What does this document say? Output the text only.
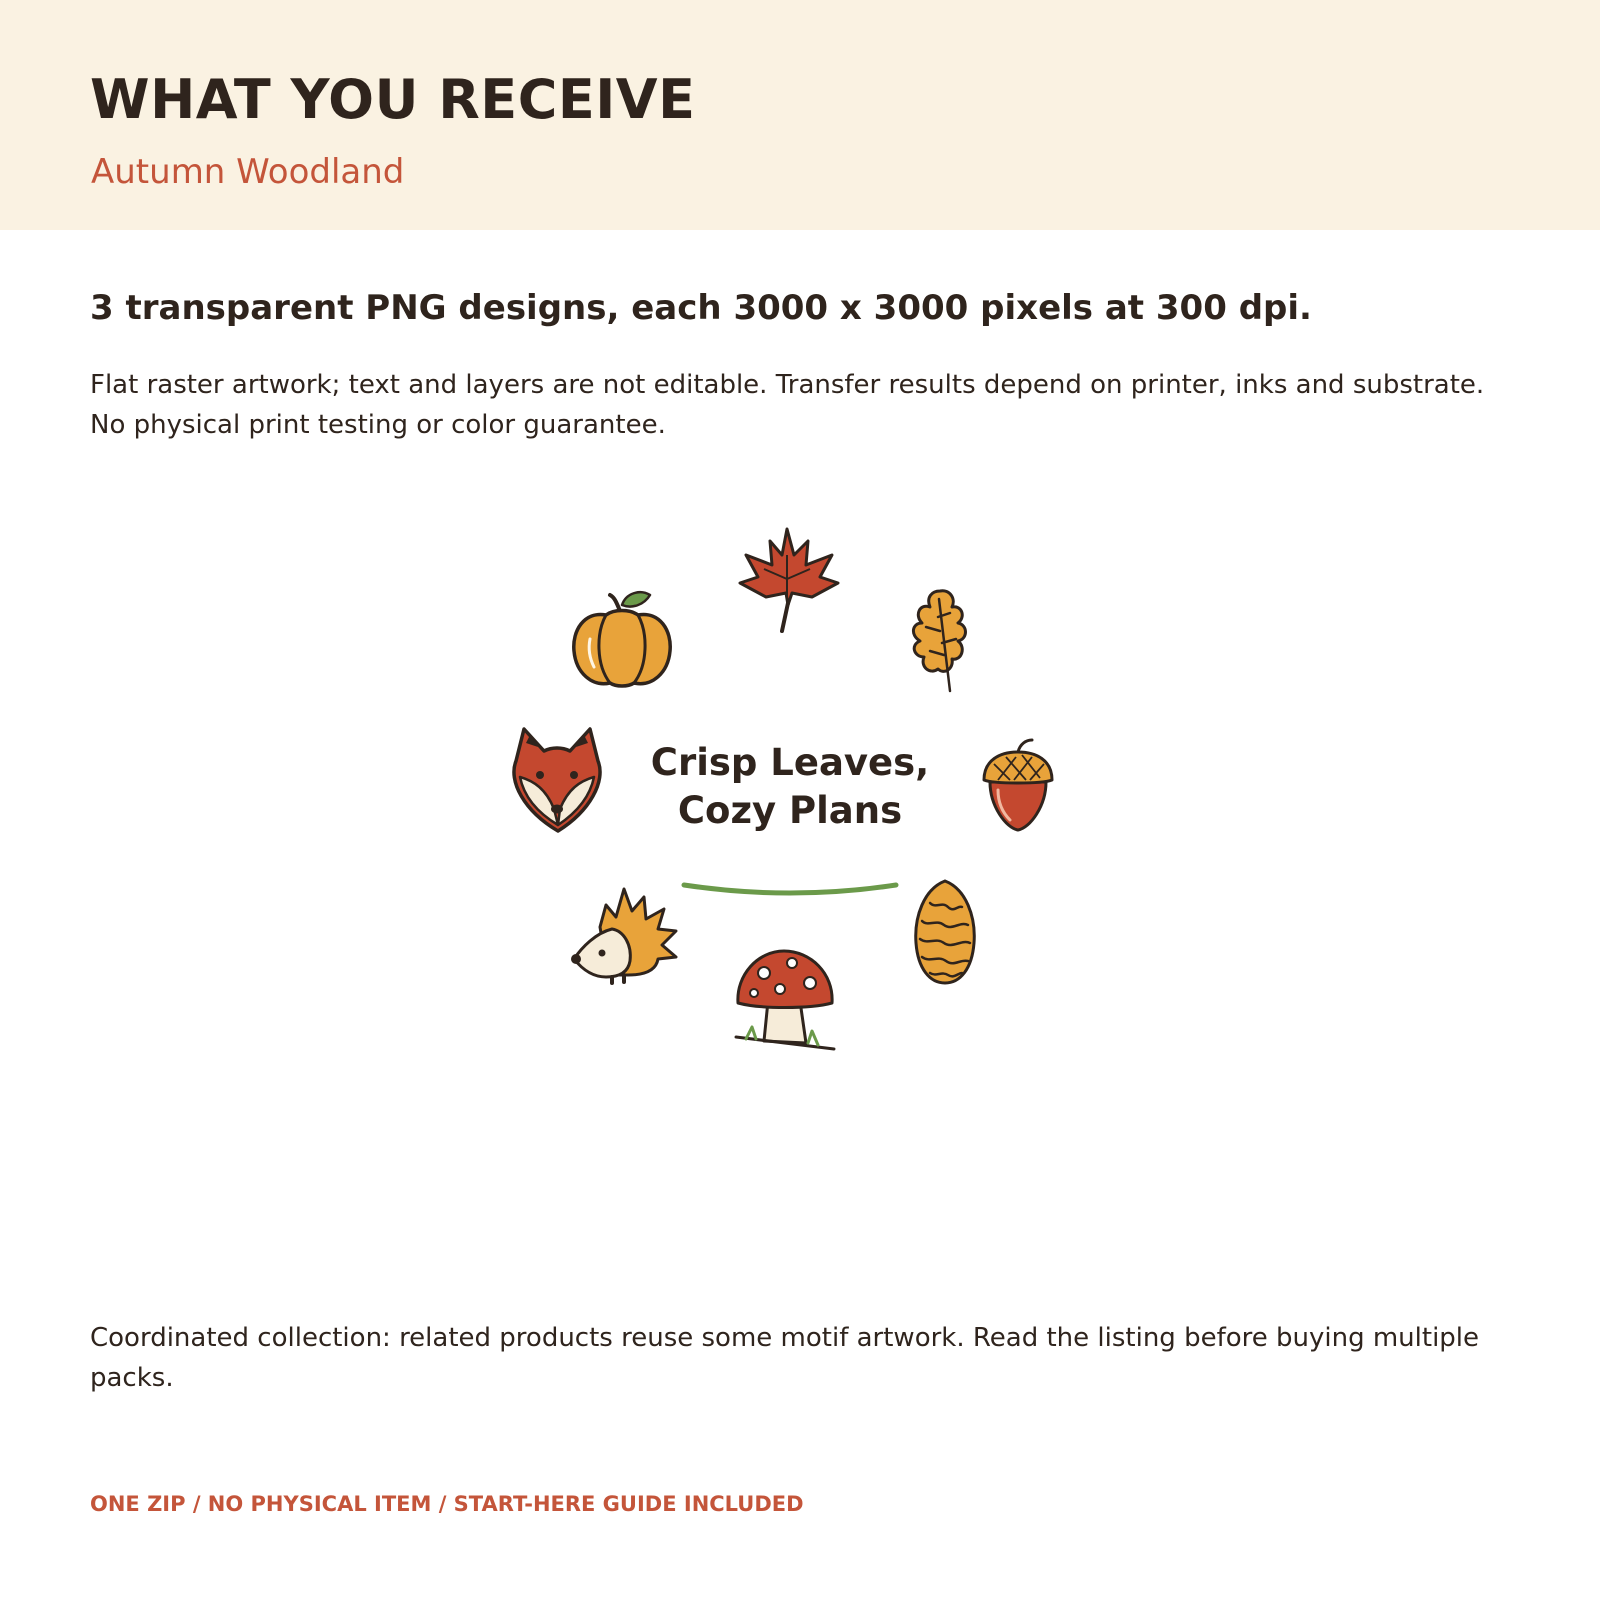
WHAT YOU RECEIVE
Autumn Woodland
3 transparent PNG designs, each 3000 x 3000 pixels at 300 dpi.
Flat raster artwork; text and layers are not editable. Transfer results depend on printer, inks and substrate. No physical print testing or color guarantee.
Crisp Leaves, Cozy Plans
Coordinated collection: related products reuse some motif artwork. Read the listing before buying multiple packs.
ONE ZIP / NO PHYSICAL ITEM / START-HERE GUIDE INCLUDED
